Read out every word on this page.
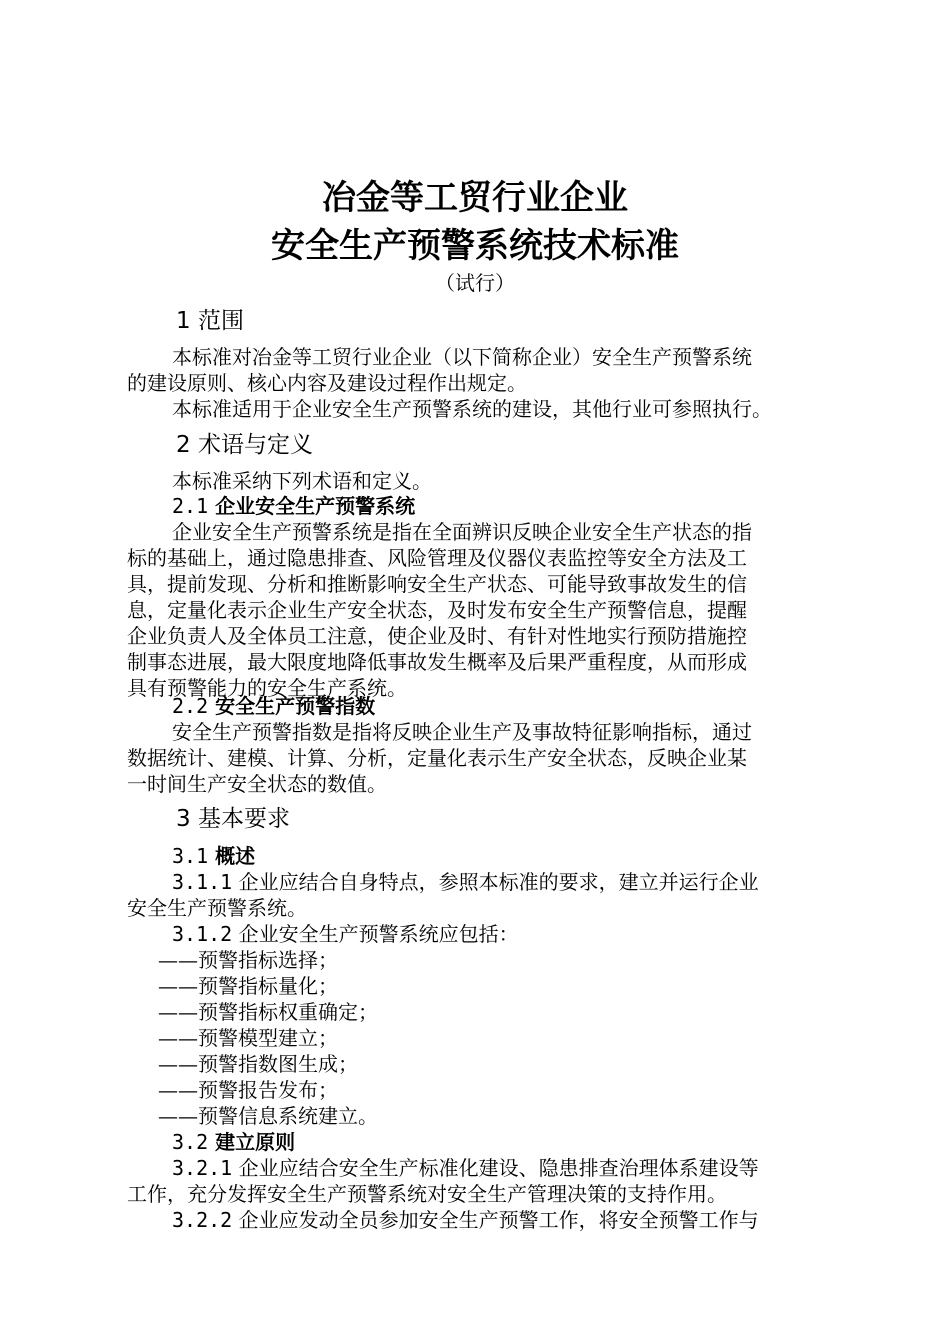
冶金等工贸行业企业
安全生产预警系统技术标准
（试行）
1 范围
本标准对冶金等工贸行业企业（以下简称企业）安全生产预警系统
的建设原则、核心内容及建设过程作出规定。
本标准适用于企业安全生产预警系统的建设，其他行业可参照执行。
2 术语与定义
本标准采纳下列术语和定义。
2.1 企业安全生产预警系统
企业安全生产预警系统是指在全面辨识反映企业安全生产状态的指
标的基础上，通过隐患排查、风险管理及仪器仪表监控等安全方法及工
具，提前发现、分析和推断影响安全生产状态、可能导致事故发生的信
息，定量化表示企业生产安全状态，及时发布安全生产预警信息，提醒
企业负责人及全体员工注意，使企业及时、有针对性地实行预防措施控
制事态进展，最大限度地降低事故发生概率及后果严重程度，从而形成
具有预警能力的安全生产系统。
2.2 安全生产预警指数
安全生产预警指数是指将反映企业生产及事故特征影响指标，通过
数据统计、建模、计算、分析，定量化表示生产安全状态，反映企业某
一时间生产安全状态的数值。
3 基本要求
3.1 概述
3.1.1 企业应结合自身特点，参照本标准的要求，建立并运行企业
安全生产预警系统。
3.1.2 企业安全生产预警系统应包括：
——预警指标选择；
——预警指标量化；
——预警指标权重确定；
——预警模型建立；
——预警指数图生成；
——预警报告发布；
——预警信息系统建立。
3.2 建立原则
3.2.1 企业应结合安全生产标准化建设、隐患排查治理体系建设等
工作，充分发挥安全生产预警系统对安全生产管理决策的支持作用。
3.2.2 企业应发动全员参加安全生产预警工作，将安全预警工作与
